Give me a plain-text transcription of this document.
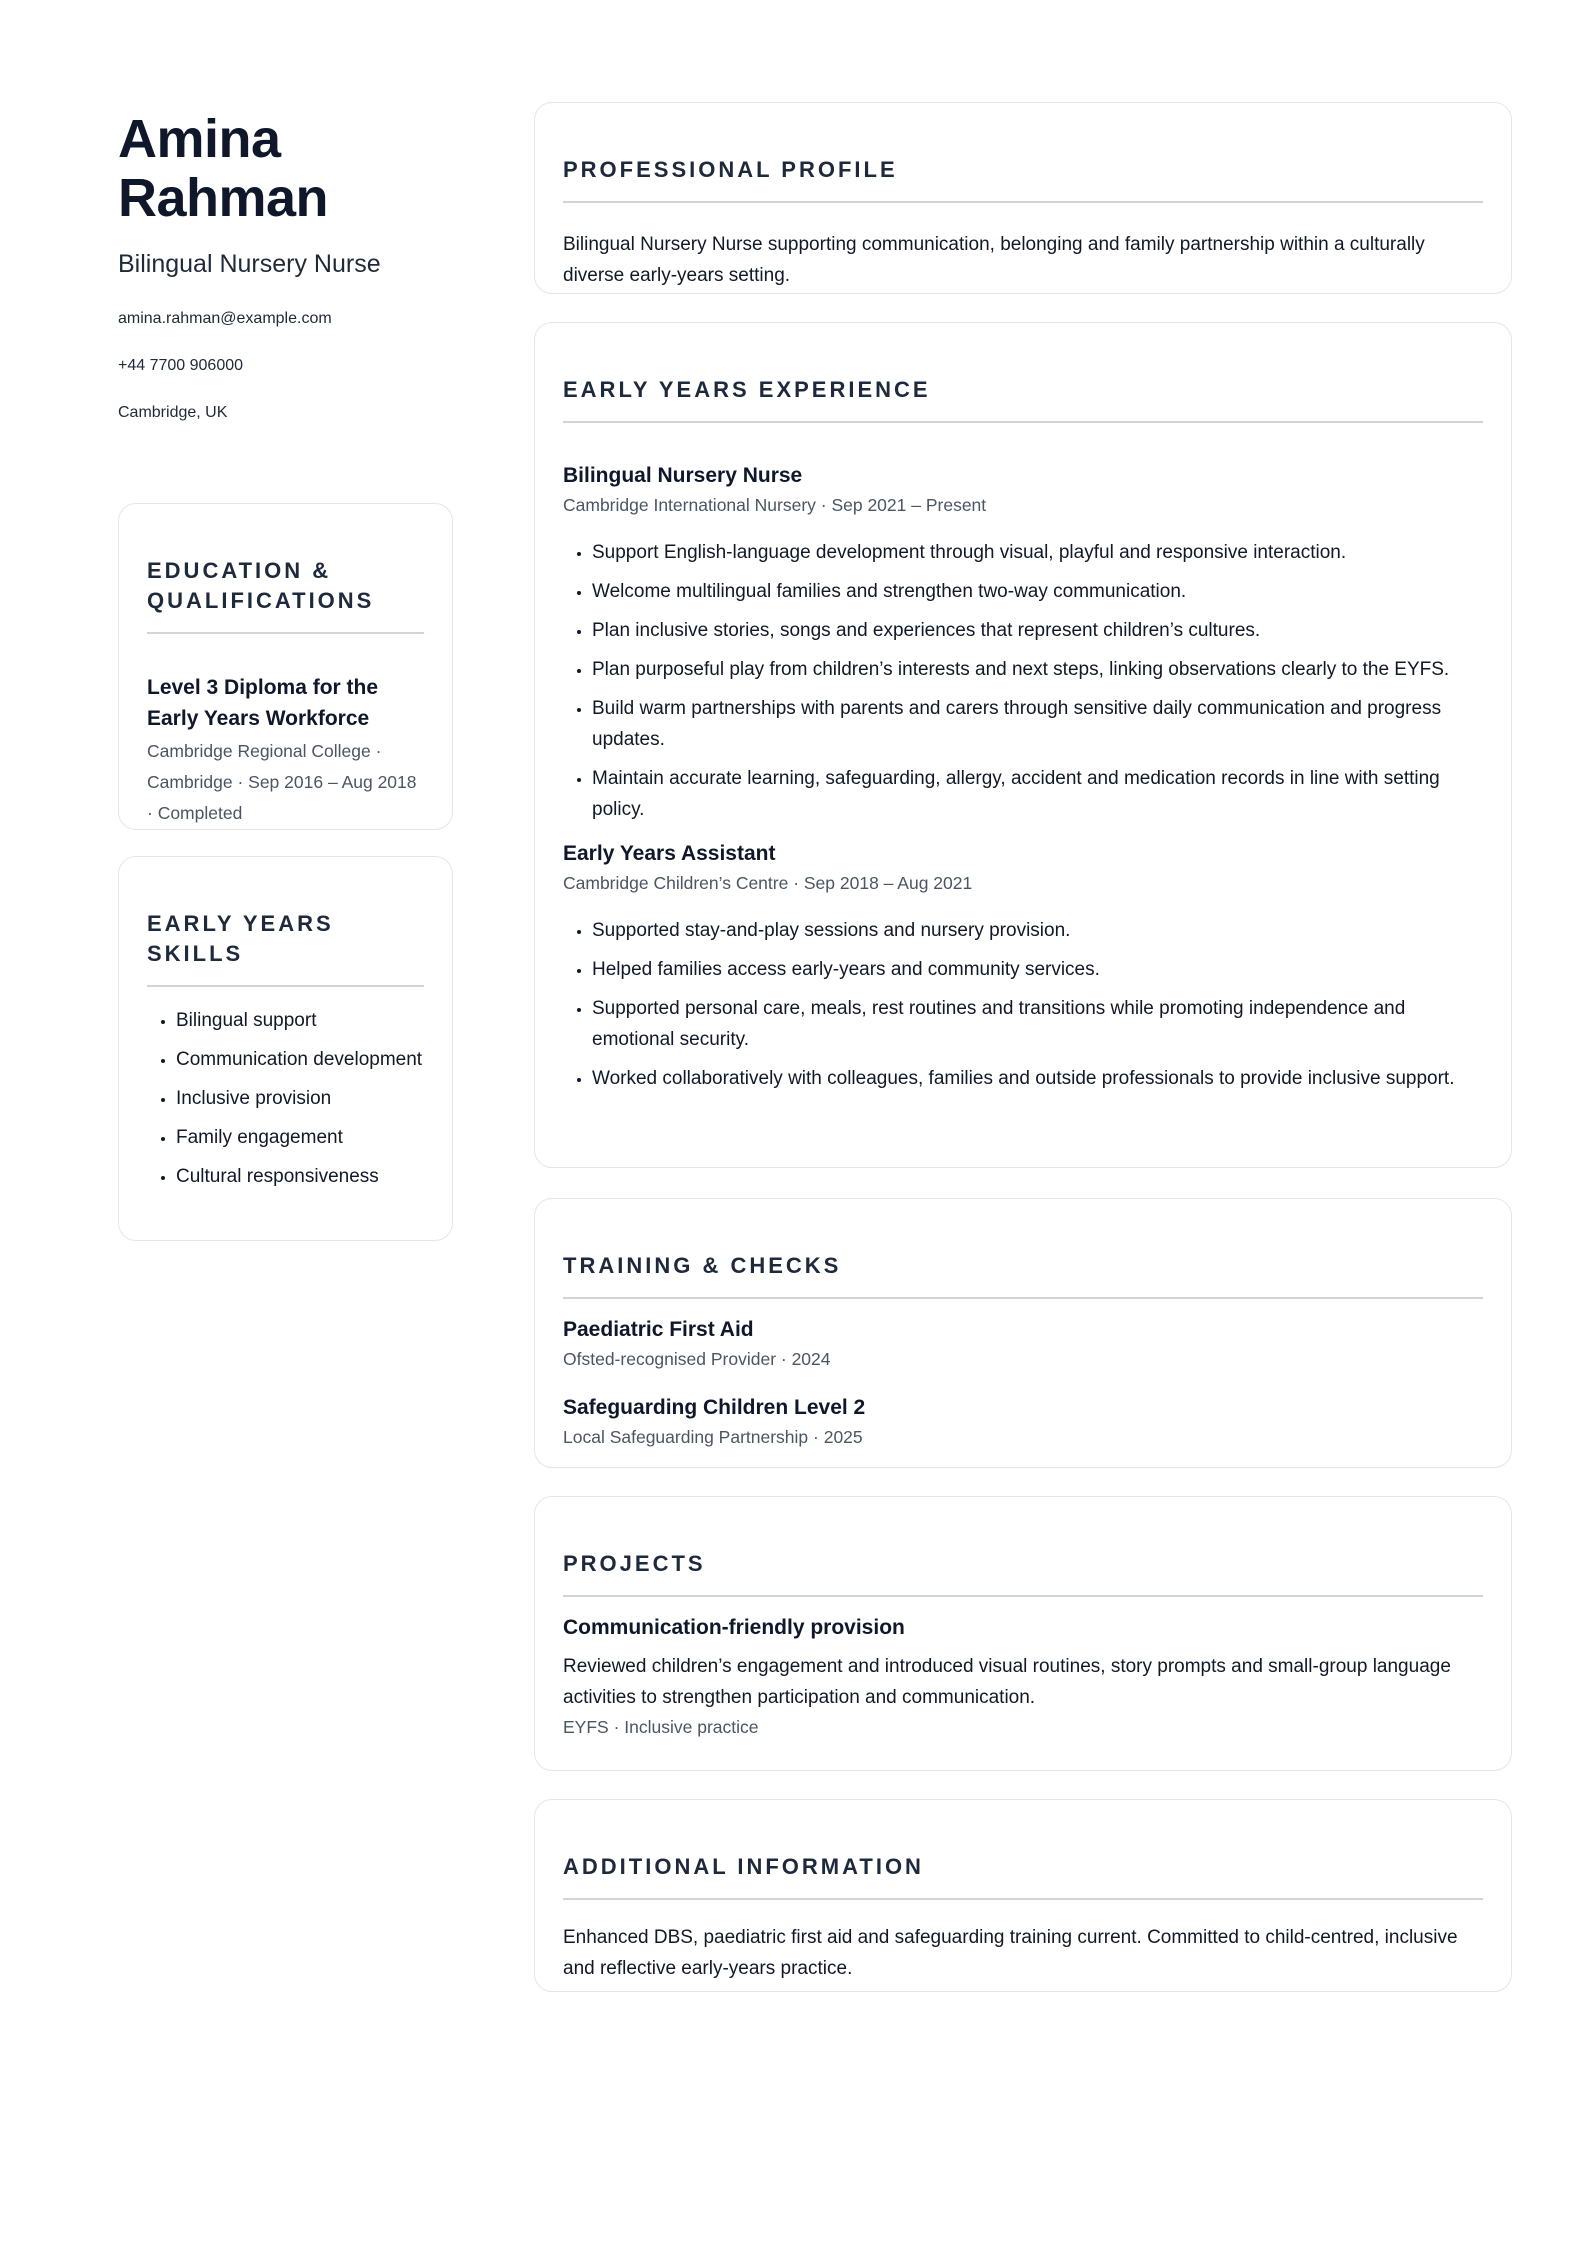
Amina
Rahman
Bilingual Nursery Nurse
amina.rahman@example.com
+44 7700 906000
Cambridge, UK
EDUCATION & QUALIFICATIONS
Level 3 Diploma for the Early Years Workforce
Cambridge Regional College · Cambridge · Sep 2016 – Aug 2018 · Completed
EARLY YEARS SKILLS
• Bilingual support
• Communication development
• Inclusive provision
• Family engagement
• Cultural responsiveness
PROFESSIONAL PROFILE
Bilingual Nursery Nurse supporting communication, belonging and family partnership within a culturally diverse early-years setting.
EARLY YEARS EXPERIENCE
Bilingual Nursery Nurse
Cambridge International Nursery · Sep 2021 – Present
• Support English-language development through visual, playful and responsive interaction.
• Welcome multilingual families and strengthen two-way communication.
• Plan inclusive stories, songs and experiences that represent children’s cultures.
• Plan purposeful play from children’s interests and next steps, linking observations clearly to the EYFS.
• Build warm partnerships with parents and carers through sensitive daily communication and progress updates.
• Maintain accurate learning, safeguarding, allergy, accident and medication records in line with setting policy.
Early Years Assistant
Cambridge Children’s Centre · Sep 2018 – Aug 2021
• Supported stay-and-play sessions and nursery provision.
• Helped families access early-years and community services.
• Supported personal care, meals, rest routines and transitions while promoting independence and emotional security.
• Worked collaboratively with colleagues, families and outside professionals to provide inclusive support.
TRAINING & CHECKS
Paediatric First Aid
Ofsted-recognised Provider · 2024
Safeguarding Children Level 2
Local Safeguarding Partnership · 2025
PROJECTS
Communication-friendly provision
Reviewed children’s engagement and introduced visual routines, story prompts and small-group language activities to strengthen participation and communication.
EYFS · Inclusive practice
ADDITIONAL INFORMATION
Enhanced DBS, paediatric first aid and safeguarding training current. Committed to child-centred, inclusive and reflective early-years practice.
